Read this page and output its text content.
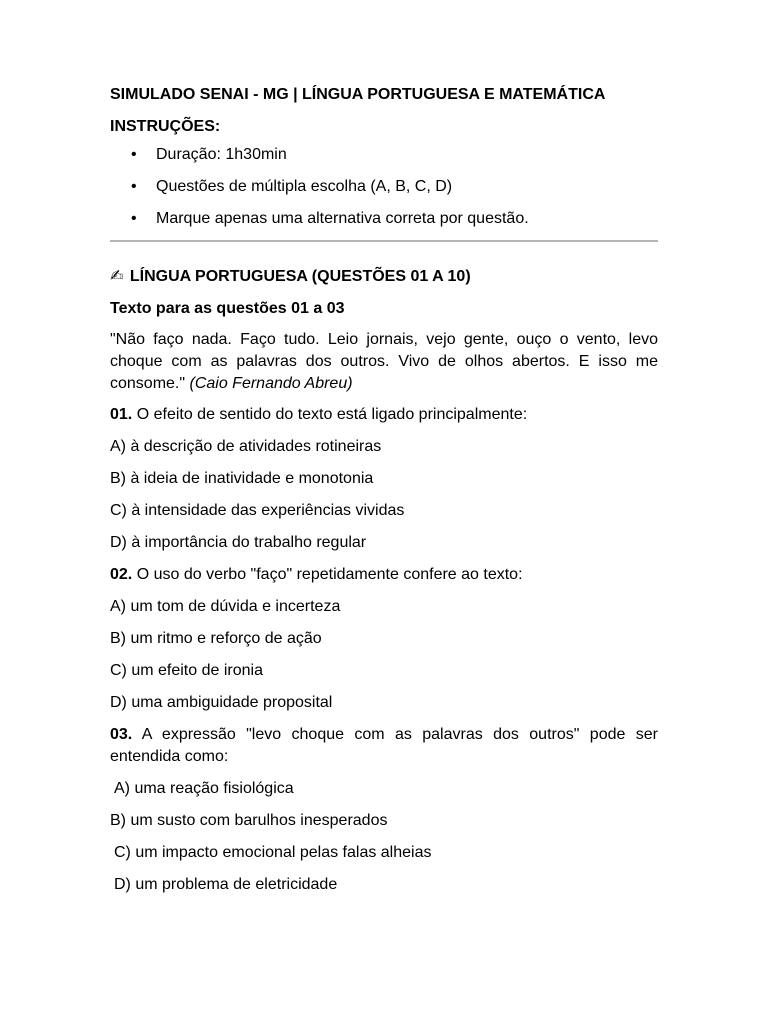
SIMULADO SENAI - MG | LÍNGUA PORTUGUESA E MATEMÁTICA
INSTRUÇÕES:
• Duração: 1h30min
• Questões de múltipla escolha (A, B, C, D)
• Marque apenas uma alternativa correta por questão.
✍ LÍNGUA PORTUGUESA (QUESTÕES 01 A 10)
Texto para as questões 01 a 03
"Não faço nada. Faço tudo. Leio jornais, vejo gente, ouço o vento, levo choque com as palavras dos outros. Vivo de olhos abertos. E isso me consome." (Caio Fernando Abreu)
01. O efeito de sentido do texto está ligado principalmente:
A) à descrição de atividades rotineiras
B) à ideia de inatividade e monotonia
C) à intensidade das experiências vividas
D) à importância do trabalho regular
02. O uso do verbo "faço" repetidamente confere ao texto:
A) um tom de dúvida e incerteza
B) um ritmo e reforço de ação
C) um efeito de ironia
D) uma ambiguidade proposital
03. A expressão "levo choque com as palavras dos outros" pode ser entendida como:
A) uma reação fisiológica
B) um susto com barulhos inesperados
C) um impacto emocional pelas falas alheias
D) um problema de eletricidade
